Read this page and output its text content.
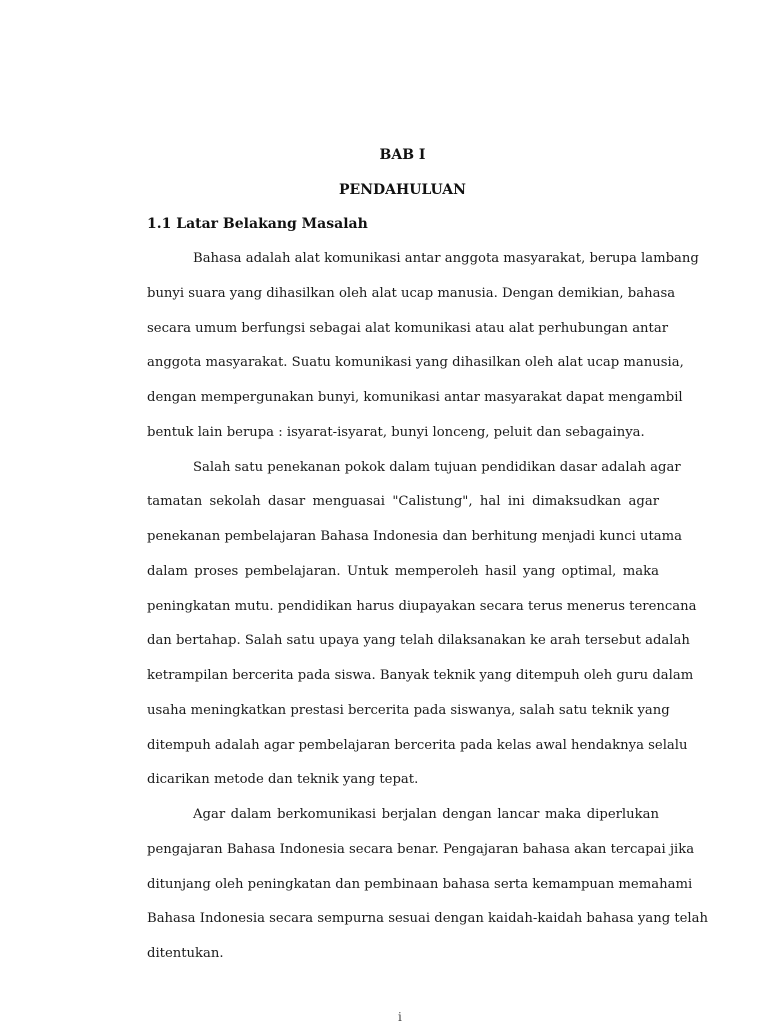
BAB I
PENDAHULUAN
1.1 Latar Belakang Masalah
Bahasa adalah alat komunikasi antar anggota masyarakat, berupa lambang
bunyi suara yang dihasilkan oleh alat ucap manusia. Dengan demikian, bahasa
secara umum berfungsi sebagai alat komunikasi atau alat perhubungan antar
anggota masyarakat. Suatu komunikasi yang dihasilkan oleh alat ucap manusia,
dengan mempergunakan bunyi, komunikasi antar masyarakat dapat mengambil
bentuk lain berupa : isyarat-isyarat, bunyi lonceng, peluit dan sebagainya.
Salah satu penekanan pokok dalam tujuan pendidikan dasar adalah agar
tamatan sekolah dasar menguasai "Calistung", hal ini dimaksudkan agar
penekanan pembelajaran Bahasa Indonesia dan berhitung menjadi kunci utama
dalam proses pembelajaran. Untuk memperoleh hasil yang optimal, maka
peningkatan mutu. pendidikan harus diupayakan secara terus menerus terencana
dan bertahap. Salah satu upaya yang telah dilaksanakan ke arah tersebut adalah
ketrampilan bercerita pada siswa. Banyak teknik yang ditempuh oleh guru dalam
usaha meningkatkan prestasi bercerita pada siswanya, salah satu teknik yang
ditempuh adalah agar pembelajaran bercerita pada kelas awal hendaknya selalu
dicarikan metode dan teknik yang tepat.
Agar dalam berkomunikasi berjalan dengan lancar maka diperlukan
pengajaran Bahasa Indonesia secara benar. Pengajaran bahasa akan tercapai jika
ditunjang oleh peningkatan dan pembinaan bahasa serta kemampuan memahami
Bahasa Indonesia secara sempurna sesuai dengan kaidah-kaidah bahasa yang telah
ditentukan.
i
